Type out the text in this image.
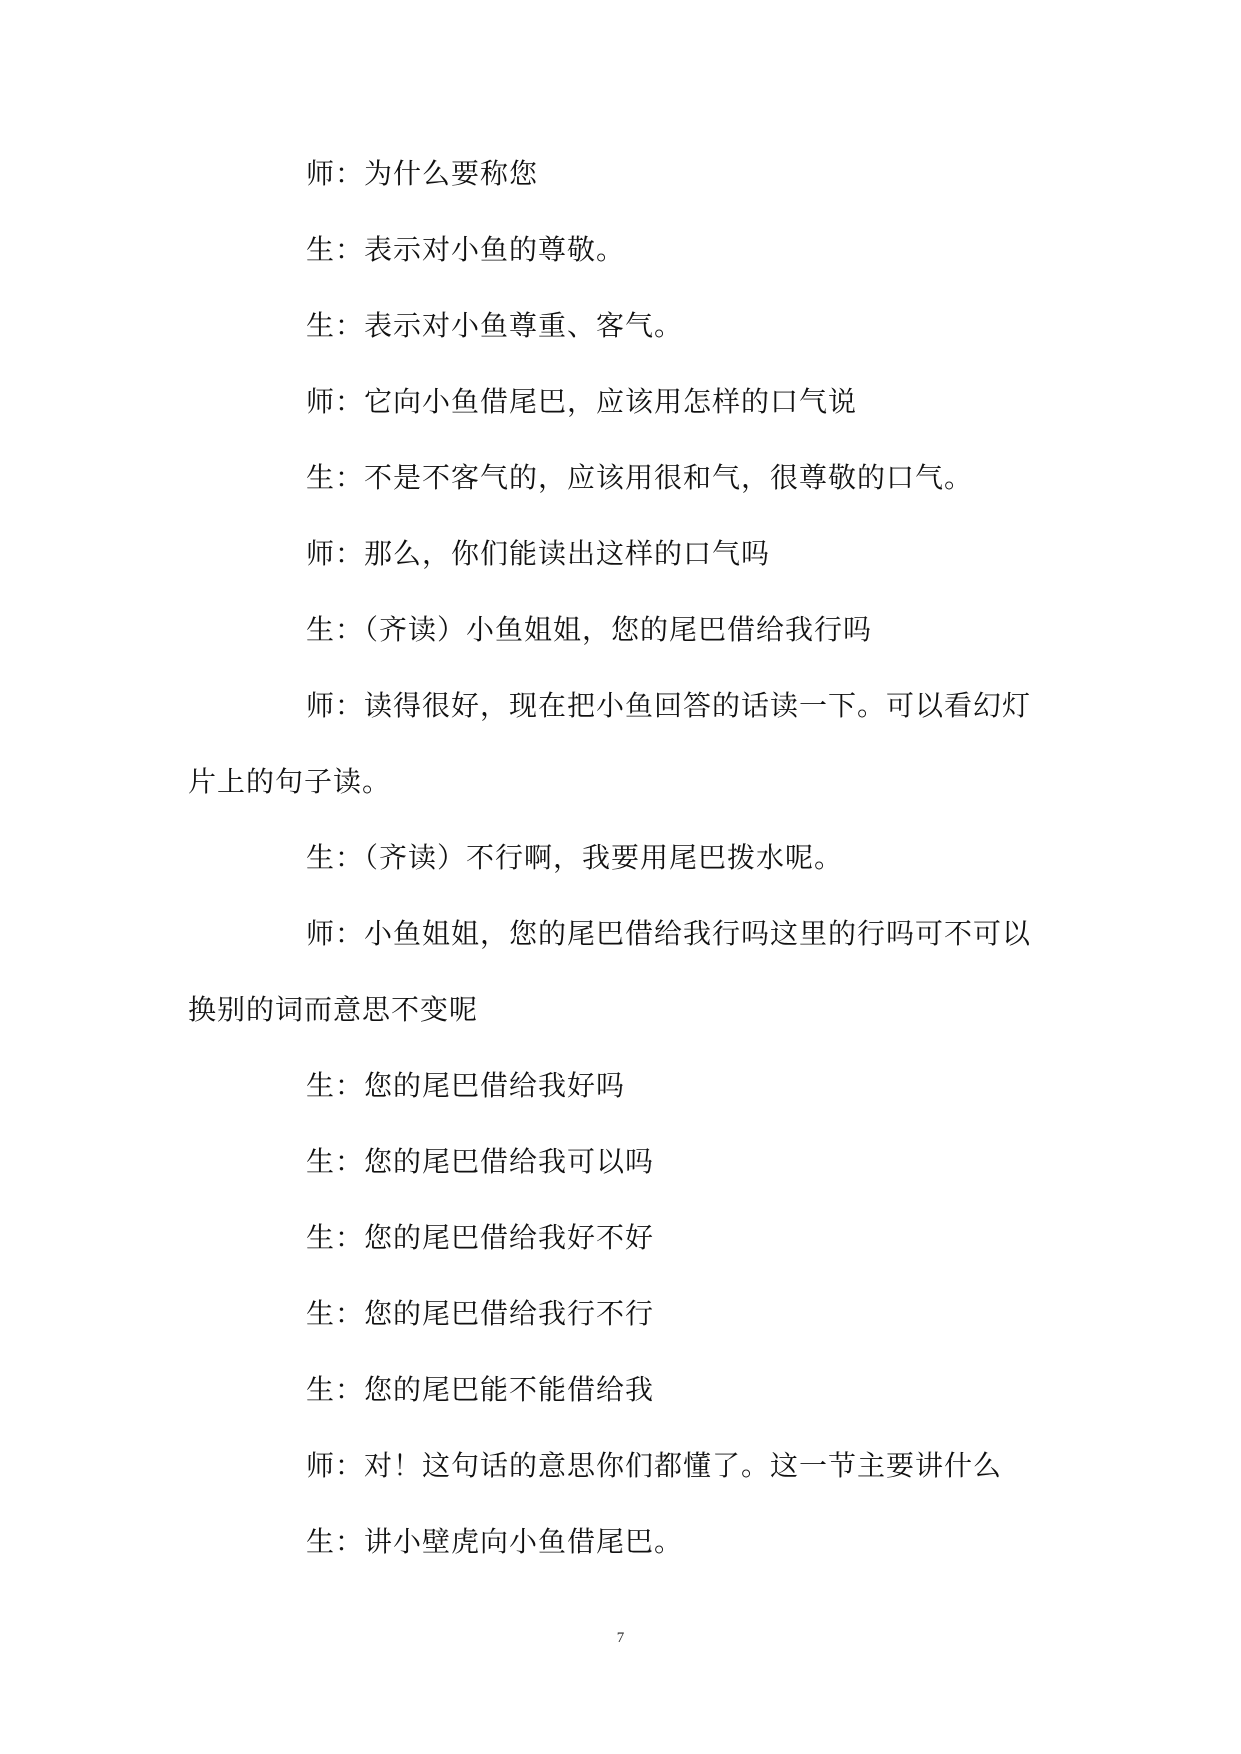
师：为什么要称您

生：表示对小鱼的尊敬。

生：表示对小鱼尊重、客气。

师：它向小鱼借尾巴，应该用怎样的口气说

生：不是不客气的，应该用很和气，很尊敬的口气。

师：那么，你们能读出这样的口气吗

生：（齐读）小鱼姐姐，您的尾巴借给我行吗

师：读得很好，现在把小鱼回答的话读一下。可以看幻灯片上的句子读。

生：（齐读）不行啊，我要用尾巴拨水呢。

师：小鱼姐姐，您的尾巴借给我行吗这里的行吗可不可以换别的词而意思不变呢

生：您的尾巴借给我好吗

生：您的尾巴借给我可以吗

生：您的尾巴借给我好不好

生：您的尾巴借给我行不行

生：您的尾巴能不能借给我

师：对！这句话的意思你们都懂了。这一节主要讲什么

生：讲小壁虎向小鱼借尾巴。

7
